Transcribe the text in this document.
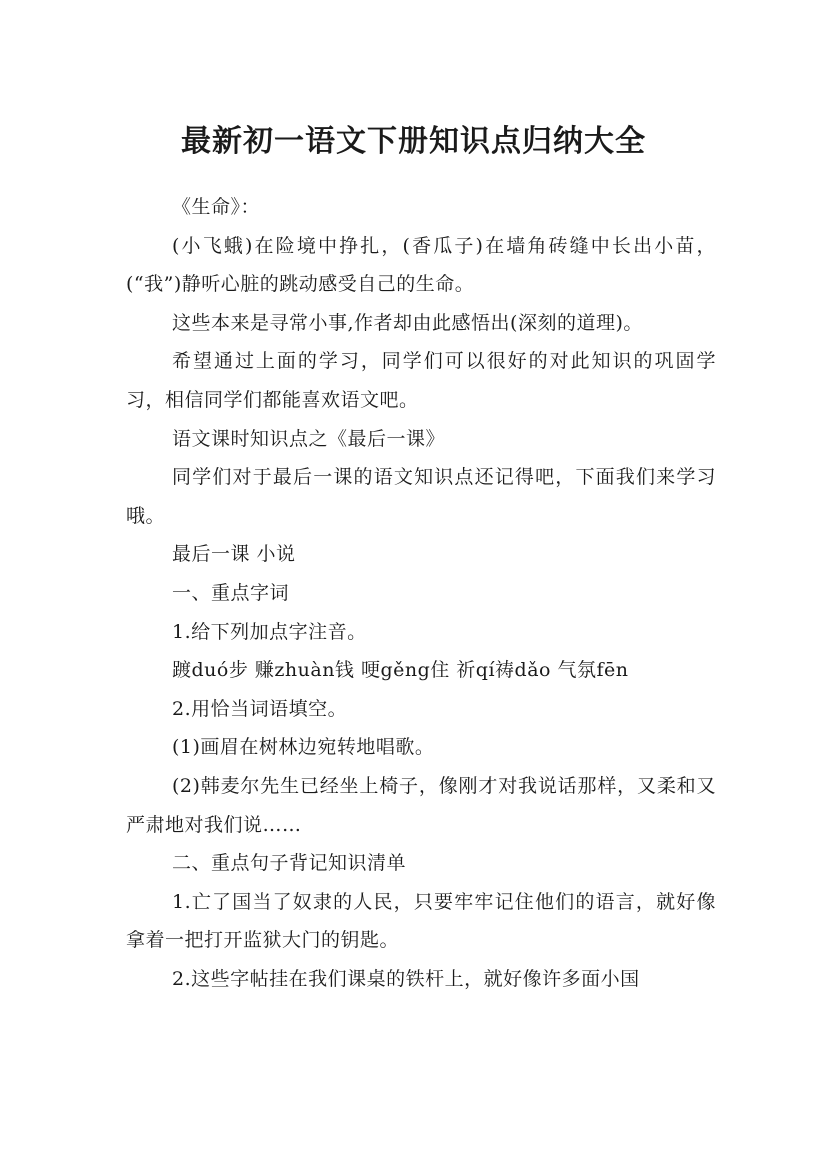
最新初一语文下册知识点归纳大全

《生命》：

(小飞蛾)在险境中挣扎，(香瓜子)在墙角砖缝中长出小苗，(“我”)静听心脏的跳动感受自己的生命。

这些本来是寻常小事,作者却由此感悟出(深刻的道理)。

希望通过上面的学习，同学们可以很好的对此知识的巩固学习，相信同学们都能喜欢语文吧。

语文课时知识点之《最后一课》

同学们对于最后一课的语文知识点还记得吧，下面我们来学习哦。

最后一课 小说

一、重点字词

1.给下列加点字注音。

踱duó步 赚zhuàn钱 哽gěng住 祈qí祷dǎo 气氛fēn

2.用恰当词语填空。

(1)画眉在树林边宛转地唱歌。

(2)韩麦尔先生已经坐上椅子，像刚才对我说话那样，又柔和又严肃地对我们说……

二、重点句子背记知识清单

1.亡了国当了奴隶的人民，只要牢牢记住他们的语言，就好像拿着一把打开监狱大门的钥匙。

2.这些字帖挂在我们课桌的铁杆上，就好像许多面小国
